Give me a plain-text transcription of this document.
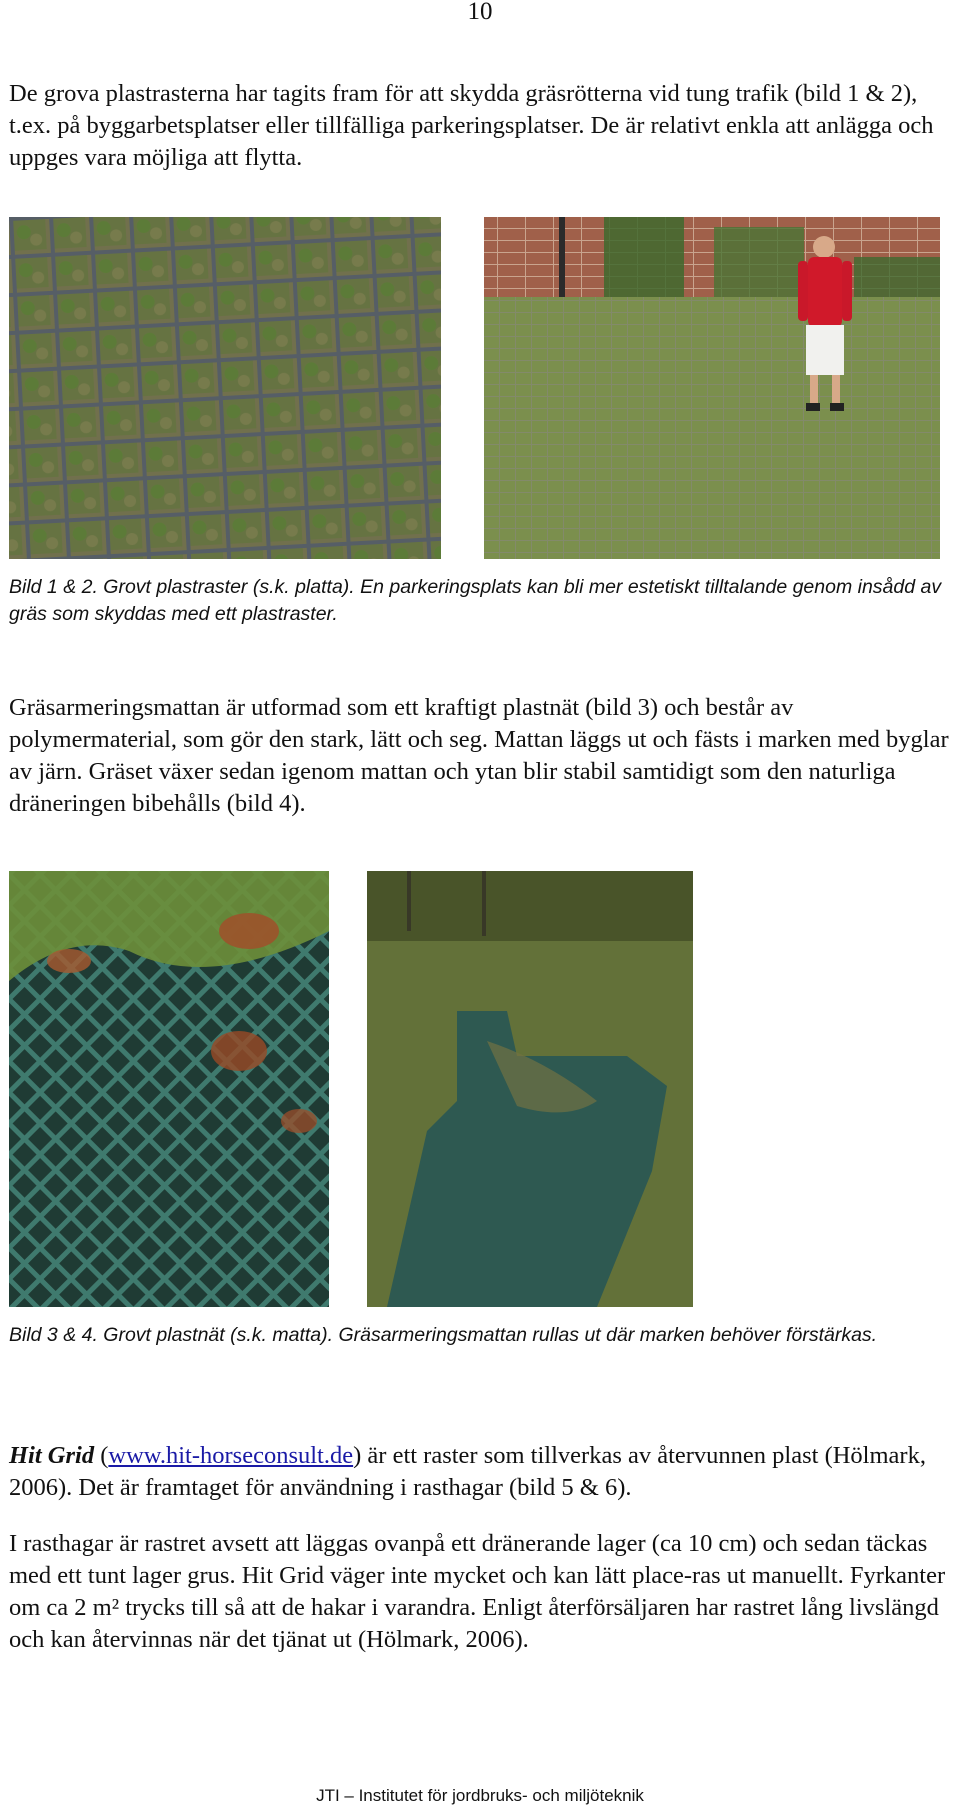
10

De grova plastrasterna har tagits fram för att skydda gräsrötterna vid tung trafik (bild 1 & 2), t.ex. på byggarbetsplatser eller tillfälliga parkeringsplatser. De är relativt enkla att anlägga och uppges vara möjliga att flytta.

Bild 1 & 2. Grovt plastraster (s.k. platta). En parkeringsplats kan bli mer estetiskt tilltalande genom insådd av gräs som skyddas med ett plastraster.

Gräsarmeringsmattan är utformad som ett kraftigt plastnät (bild 3) och består av polymermaterial, som gör den stark, lätt och seg. Mattan läggs ut och fästs i marken med byglar av järn. Gräset växer sedan igenom mattan och ytan blir stabil samtidigt som den naturliga dräneringen bibehålls (bild 4).

Bild 3 & 4. Grovt plastnät (s.k. matta). Gräsarmeringsmattan rullas ut där marken behöver förstärkas.

Hit Grid (www.hit-horseconsult.de) är ett raster som tillverkas av återvunnen plast (Hölmark, 2006). Det är framtaget för användning i rasthagar (bild 5 & 6).

I rasthagar är rastret avsett att läggas ovanpå ett dränerande lager (ca 10 cm) och sedan täckas med ett tunt lager grus. Hit Grid väger inte mycket och kan lätt place-ras ut manuellt. Fyrkanter om ca 2 m² trycks till så att de hakar i varandra. Enligt återförsäljaren har rastret lång livslängd och kan återvinnas när det tjänat ut (Hölmark, 2006).

JTI – Institutet för jordbruks- och miljöteknik
